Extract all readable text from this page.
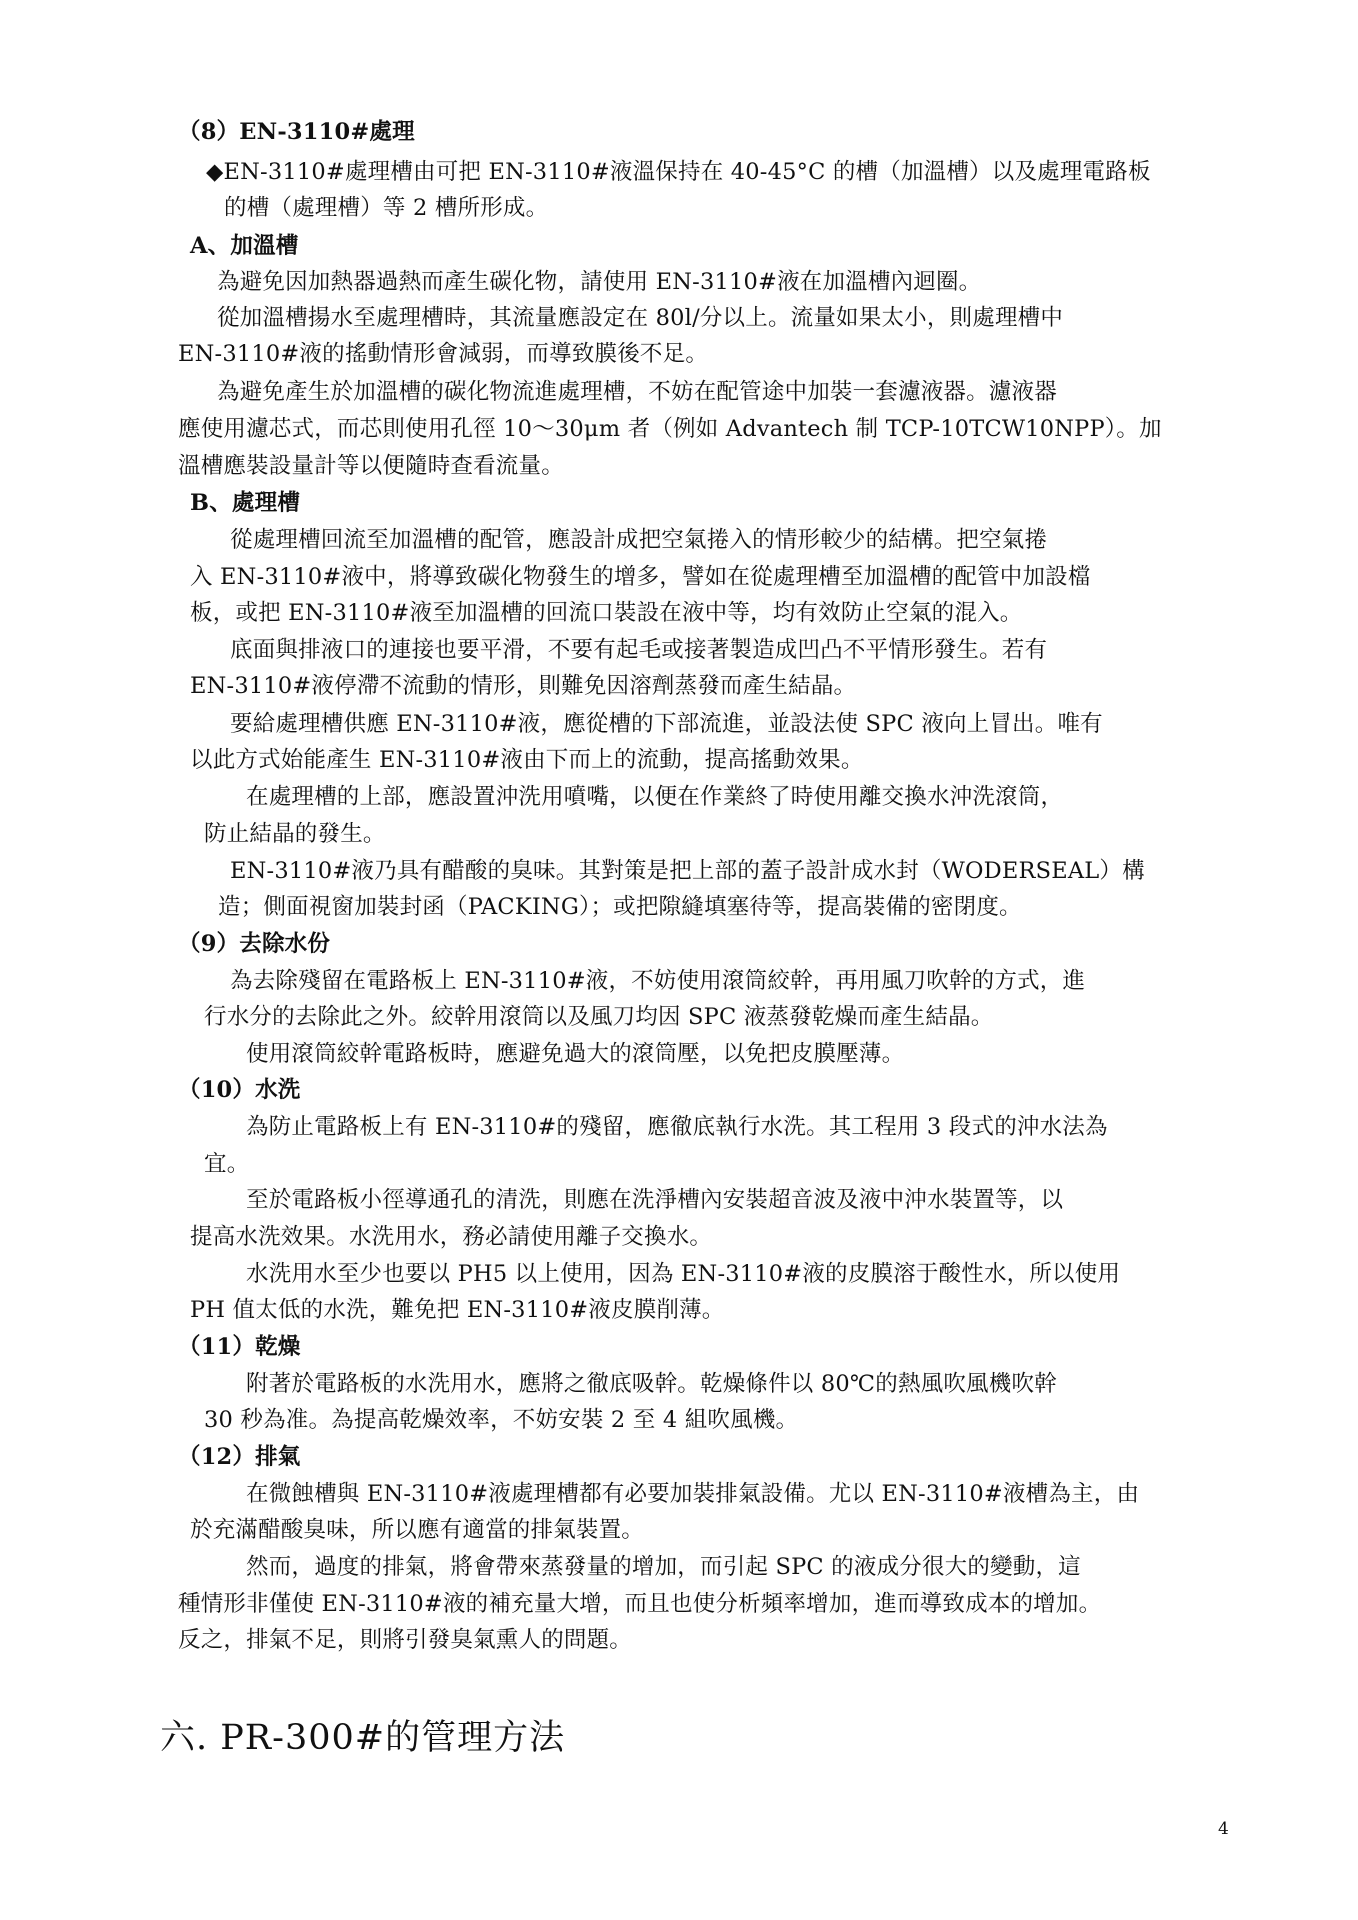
（8）EN-3110#處理
◆EN-3110#處理槽由可把 EN-3110#液溫保持在 40-45°C 的槽（加溫槽）以及處理電路板
的槽（處理槽）等 2 槽所形成。
A、加溫槽
為避免因加熱器過熱而產生碳化物，請使用 EN-3110#液在加溫槽內迴圈。
從加溫槽揚水至處理槽時，其流量應設定在 80l/分以上。流量如果太小，則處理槽中
EN-3110#液的搖動情形會減弱，而導致膜後不足。
為避免產生於加溫槽的碳化物流進處理槽，不妨在配管途中加裝一套濾液器。濾液器
應使用濾芯式，而芯則使用孔徑 10～30μm 者（例如 Advantech 制 TCP-10TCW10NPP）。加
溫槽應裝設量計等以便隨時查看流量。
B、處理槽
從處理槽回流至加溫槽的配管，應設計成把空氣捲入的情形較少的結構。把空氣捲
入 EN-3110#液中，將導致碳化物發生的增多，譬如在從處理槽至加溫槽的配管中加設檔
板，或把 EN-3110#液至加溫槽的回流口裝設在液中等，均有效防止空氣的混入。
底面與排液口的連接也要平滑，不要有起毛或接著製造成凹凸不平情形發生。若有
EN-3110#液停滯不流動的情形，則難免因溶劑蒸發而產生結晶。
要給處理槽供應 EN-3110#液，應從槽的下部流進，並設法使 SPC 液向上冒出。唯有
以此方式始能產生 EN-3110#液由下而上的流動，提高搖動效果。
在處理槽的上部，應設置沖洗用噴嘴，以便在作業終了時使用離交換水沖洗滾筒，
防止結晶的發生。
EN-3110#液乃具有醋酸的臭味。其對策是把上部的蓋子設計成水封（WODERSEAL）構
造；側面視窗加裝封函（PACKING）；或把隙縫填塞待等，提高裝備的密閉度。
（9）去除水份
為去除殘留在電路板上 EN-3110#液，不妨使用滾筒絞幹，再用風刀吹幹的方式，進
行水分的去除此之外。絞幹用滾筒以及風刀均因 SPC 液蒸發乾燥而產生結晶。
使用滾筒絞幹電路板時，應避免過大的滾筒壓，以免把皮膜壓薄。
（10）水洗
為防止電路板上有 EN-3110#的殘留，應徹底執行水洗。其工程用 3 段式的沖水法為
宜。
至於電路板小徑導通孔的清洗，則應在洗淨槽內安裝超音波及液中沖水裝置等，以
提高水洗效果。水洗用水，務必請使用離子交換水。
水洗用水至少也要以 PH5 以上使用，因為 EN-3110#液的皮膜溶于酸性水，所以使用
PH 值太低的水洗，難免把 EN-3110#液皮膜削薄。
（11）乾燥
附著於電路板的水洗用水，應將之徹底吸幹。乾燥條件以 80℃的熱風吹風機吹幹
30 秒為准。為提高乾燥效率，不妨安裝 2 至 4 組吹風機。
（12）排氣
在微蝕槽與 EN-3110#液處理槽都有必要加裝排氣設備。尤以 EN-3110#液槽為主，由
於充滿醋酸臭味，所以應有適當的排氣裝置。
然而，過度的排氣，將會帶來蒸發量的增加，而引起 SPC 的液成分很大的變動，這
種情形非僅使 EN-3110#液的補充量大增，而且也使分析頻率增加，進而導致成本的增加。
反之，排氣不足，則將引發臭氣熏人的問題。
六. PR-300#的管理方法
4
